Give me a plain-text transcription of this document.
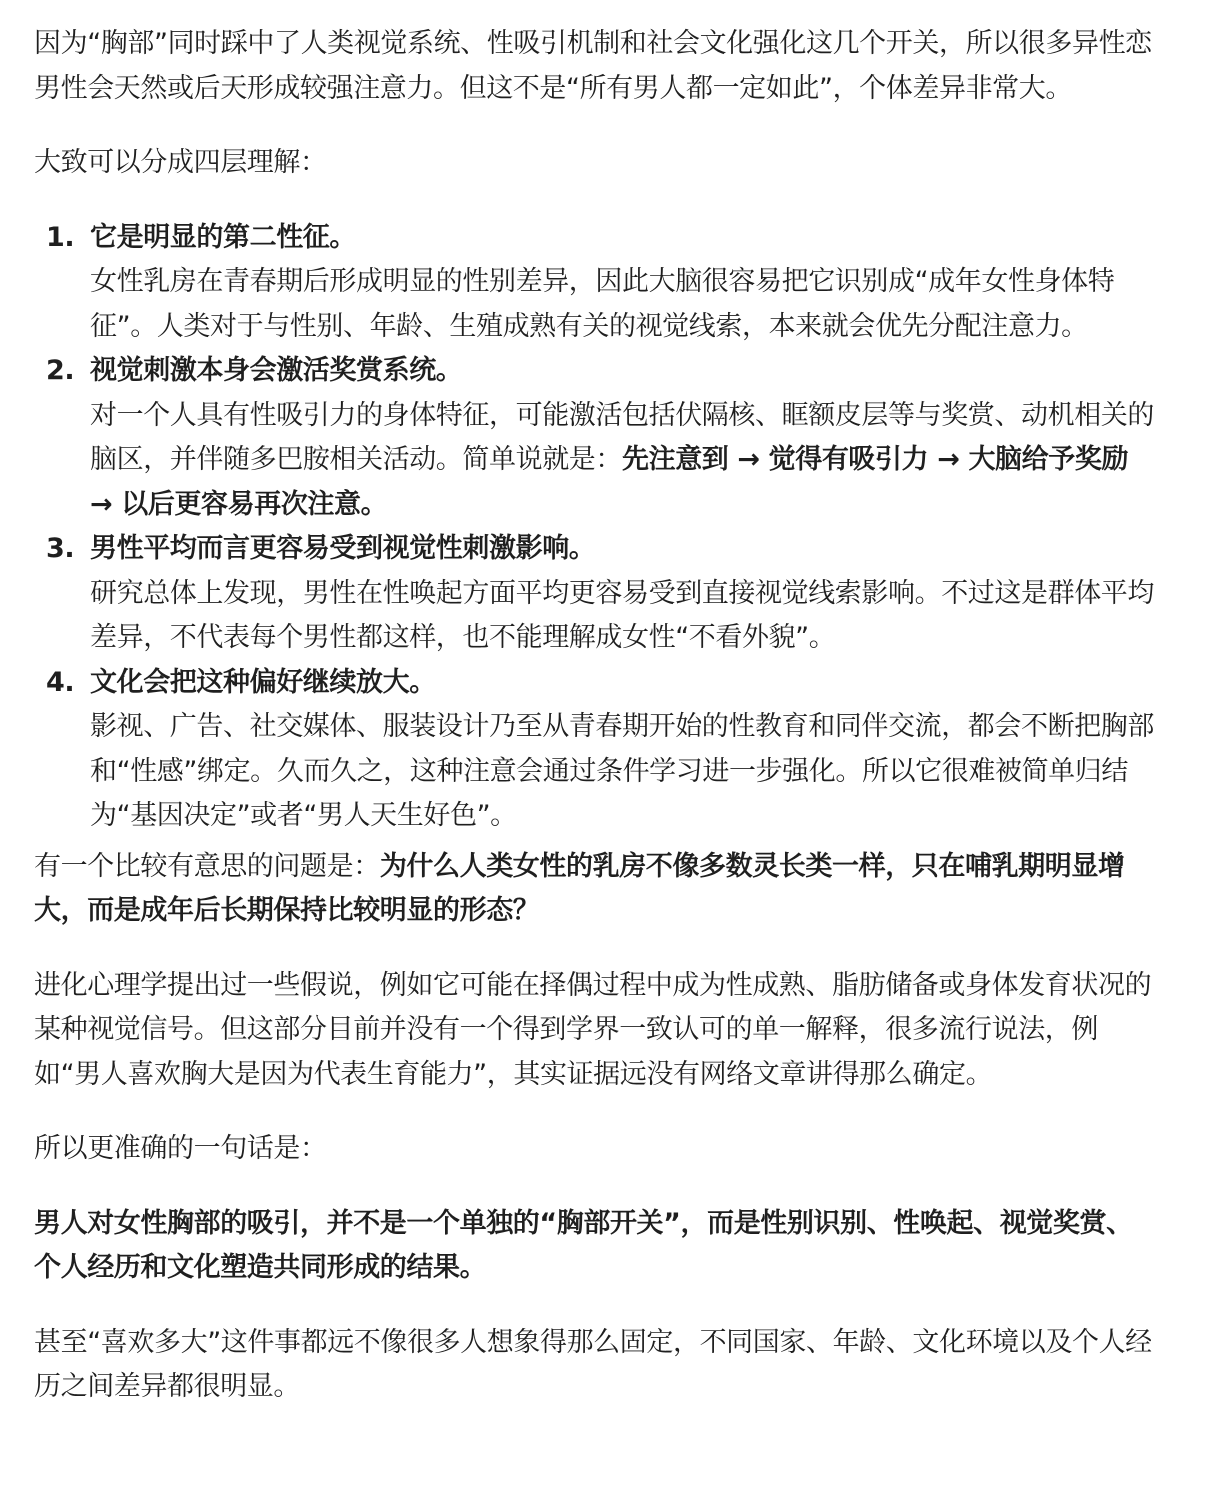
因为“胸部”同时踩中了人类视觉系统、性吸引机制和社会文化强化这几个开关，所以很多异性恋男性会天然或后天形成较强注意力。但这不是“所有男人都一定如此”，个体差异非常大。

大致可以分成四层理解：

1. 它是明显的第二性征。
女性乳房在青春期后形成明显的性别差异，因此大脑很容易把它识别成“成年女性身体特征”。人类对于与性别、年龄、生殖成熟有关的视觉线索，本来就会优先分配注意力。
2. 视觉刺激本身会激活奖赏系统。
对一个人具有性吸引力的身体特征，可能激活包括伏隔核、眶额皮层等与奖赏、动机相关的脑区，并伴随多巴胺相关活动。简单说就是：先注意到 → 觉得有吸引力 → 大脑给予奖励 → 以后更容易再次注意。
3. 男性平均而言更容易受到视觉性刺激影响。
研究总体上发现，男性在性唤起方面平均更容易受到直接视觉线索影响。不过这是群体平均差异，不代表每个男性都这样，也不能理解成女性“不看外貌”。
4. 文化会把这种偏好继续放大。
影视、广告、社交媒体、服装设计乃至从青春期开始的性教育和同伴交流，都会不断把胸部和“性感”绑定。久而久之，这种注意会通过条件学习进一步强化。所以它很难被简单归结为“基因决定”或者“男人天生好色”。

有一个比较有意思的问题是：为什么人类女性的乳房不像多数灵长类一样，只在哺乳期明显增大，而是成年后长期保持比较明显的形态？

进化心理学提出过一些假说，例如它可能在择偶过程中成为性成熟、脂肪储备或身体发育状况的某种视觉信号。但这部分目前并没有一个得到学界一致认可的单一解释，很多流行说法，例如“男人喜欢胸大是因为代表生育能力”，其实证据远没有网络文章讲得那么确定。

所以更准确的一句话是：

男人对女性胸部的吸引，并不是一个单独的“胸部开关”，而是性别识别、性唤起、视觉奖赏、个人经历和文化塑造共同形成的结果。

甚至“喜欢多大”这件事都远不像很多人想象得那么固定，不同国家、年龄、文化环境以及个人经历之间差异都很明显。
